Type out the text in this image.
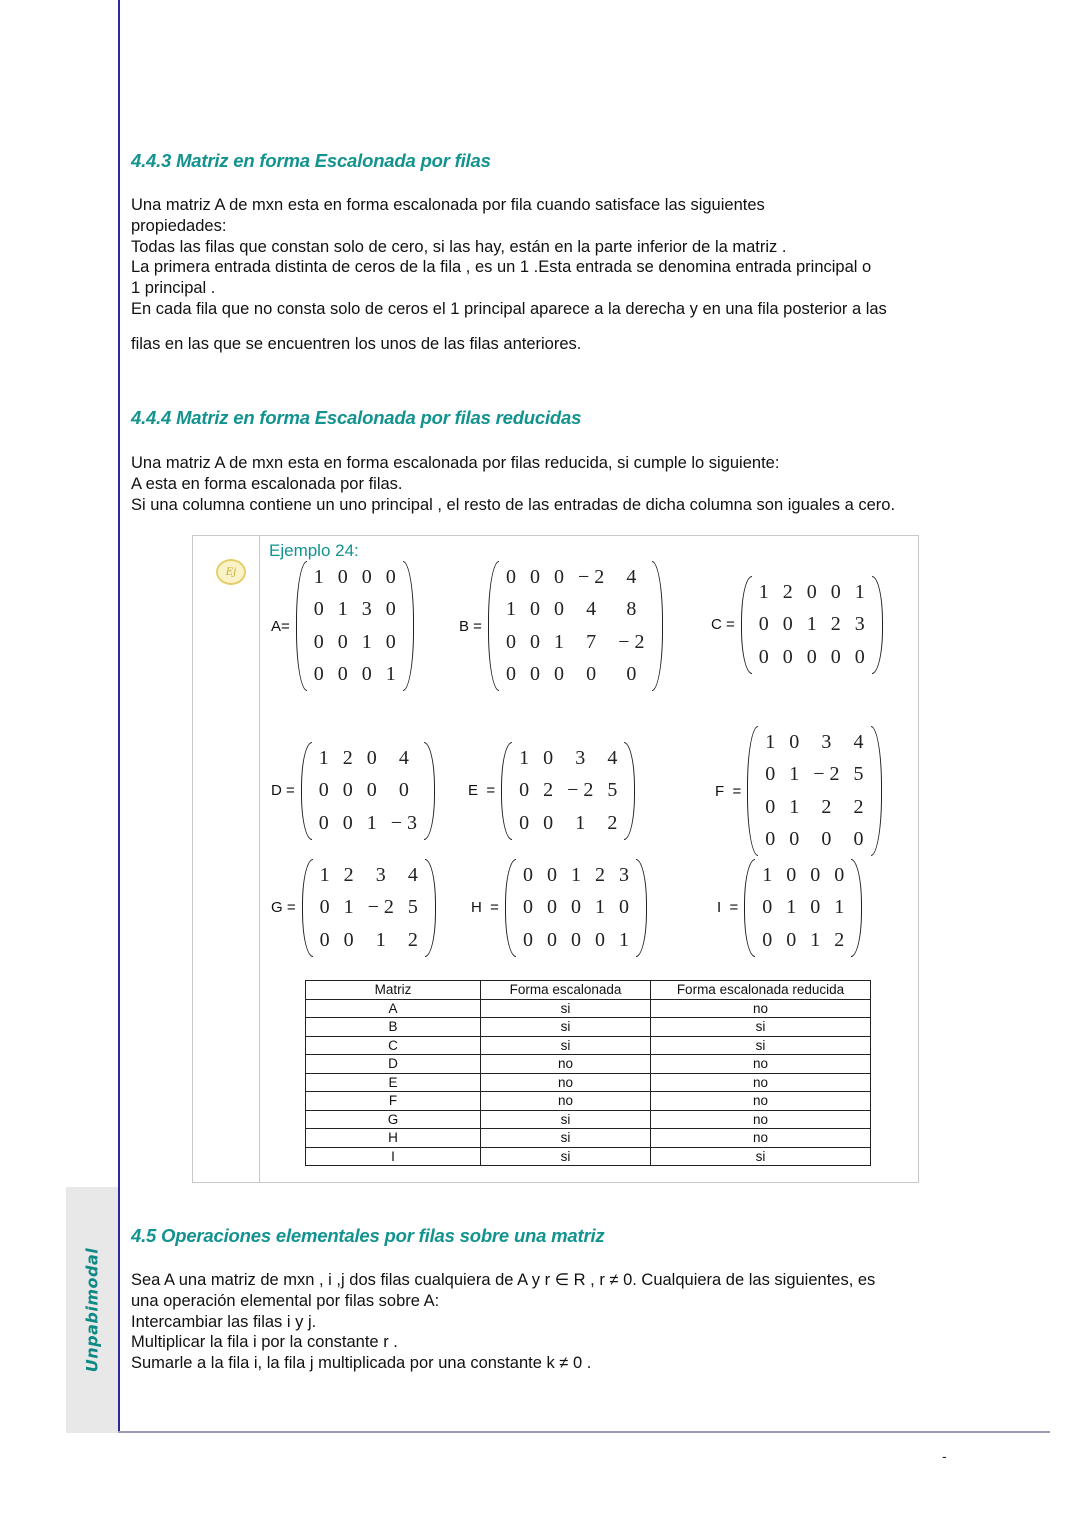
Unpabimodal
-
4.4.3 Matriz en forma Escalonada por filas

Una matriz A de mxn esta en forma escalonada por fila cuando satisface las siguientes

propiedades:

Todas las filas que constan solo de cero, si las hay, están en la parte inferior de la matriz .

La primera entrada distinta de ceros de la fila , es un 1 .Esta entrada se denomina entrada principal o

1 principal .

En cada fila que no consta solo de ceros el 1 principal aparece a la derecha y en una fila posterior a las

filas en las que se encuentren los unos de las filas anteriores.

4.4.4 Matriz en forma Escalonada por filas reducidas

Una matriz A de mxn esta en forma escalonada por filas reducida, si cumple lo siguiente:

A esta en forma escalonada por filas.

Si una columna contiene un uno principal , el resto de las entradas de dicha columna son iguales a cero.

Ej
Ejemplo 24:
A=
1	0	0	0
0	1	3	0
0	0	1	0
0	0	0	1
B =
0	0	0	− 2	4
1	0	0	4	8
0	0	1	7	− 2
0	0	0	0	0
C =
1	2	0	0	1
0	0	1	2	3
0	0	0	0	0
D =
1	2	0	4
0	0	0	0
0	0	1	− 3
E  =
1	0	3	4
0	2	− 2	5
0	0	1	2
F  =
1	0	3	4
0	1	− 2	5
0	1	2	2
0	0	0	0
G =
1	2	3	4
0	1	− 2	5
0	0	1	2
H  =
0	0	1	2	3
0	0	0	1	0
0	0	0	0	1
I  =
1	0	0	0
0	1	0	1
0	0	1	2
Matriz	Forma escalonada	Forma escalonada reducida
A	si	no
B	si	si
C	si	si
D	no	no
E	no	no
F	no	no
G	si	no
H	si	no
I	si	si
4.5 Operaciones elementales por filas sobre una matriz

Sea A una matriz de mxn , i ,j dos filas cualquiera de A y r ∈ R , r ≠ 0. Cualquiera de las siguientes, es

una operación elemental por filas sobre A:

Intercambiar las filas i y j.

Multiplicar la fila i por la constante r .

Sumarle a la fila i, la fila j multiplicada por una constante k ≠ 0 .
